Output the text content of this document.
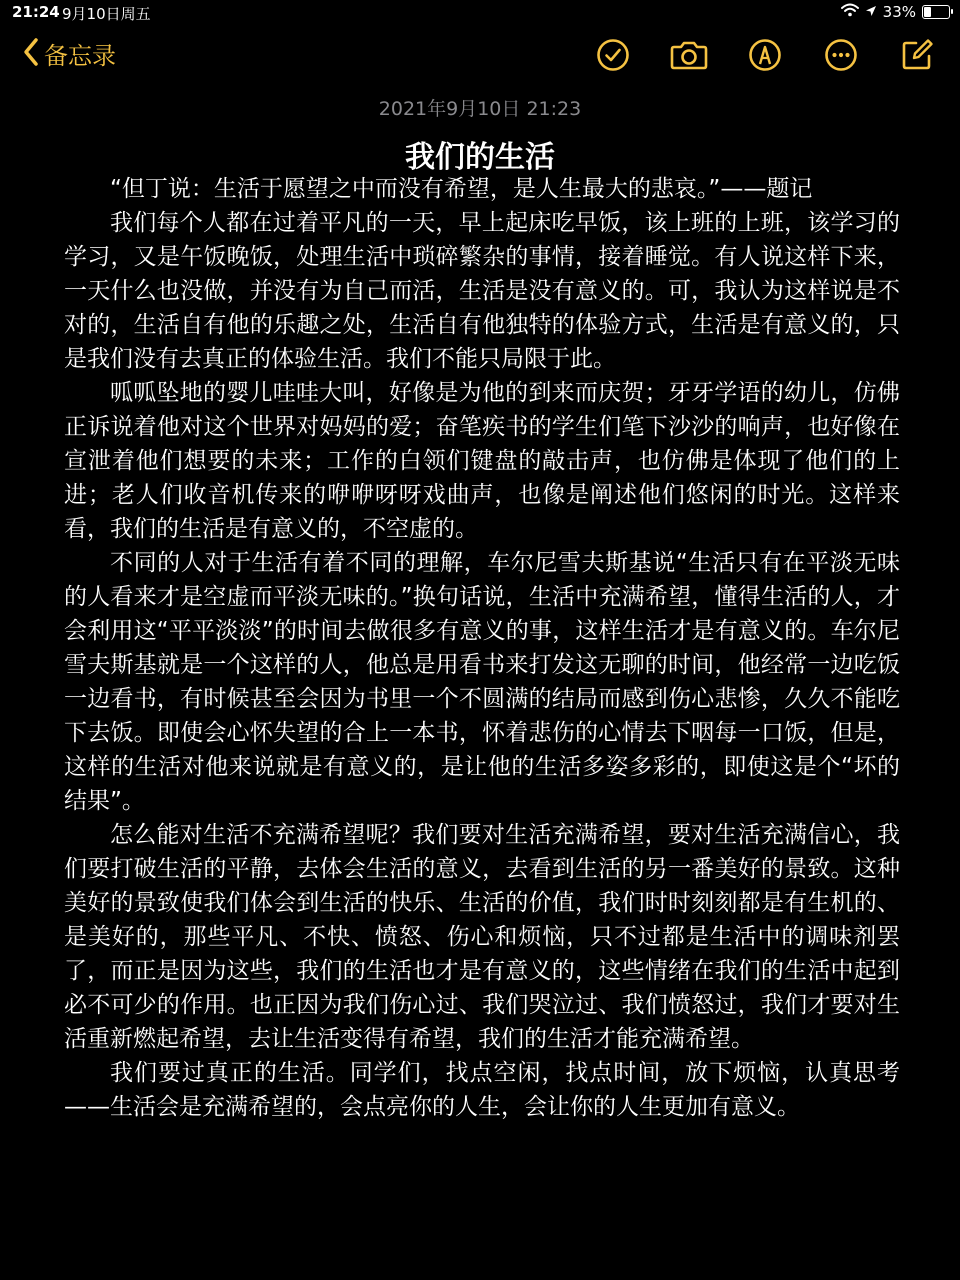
21:24 9月10日周五	33%
备忘录
2021年9月10日 21:23
我们的生活

“但丁说：生活于愿望之中而没有希望，是人生最大的悲哀。”——题记

我们每个人都在过着平凡的一天，早上起床吃早饭，该上班的上班，该学习的学习，又是午饭晚饭，处理生活中琐碎繁杂的事情，接着睡觉。有人说这样下来，一天什么也没做，并没有为自己而活，生活是没有意义的。可，我认为这样说是不对的，生活自有他的乐趣之处，生活自有他独特的体验方式，生活是有意义的，只是我们没有去真正的体验生活。我们不能只局限于此。

呱呱坠地的婴儿哇哇大叫，好像是为他的到来而庆贺；牙牙学语的幼儿，仿佛正诉说着他对这个世界对妈妈的爱；奋笔疾书的学生们笔下沙沙的响声，也好像在宣泄着他们想要的未来；工作的白领们键盘的敲击声，也仿佛是体现了他们的上进；老人们收音机传来的咿咿呀呀戏曲声，也像是阐述他们悠闲的时光。这样来看，我们的生活是有意义的，不空虚的。

不同的人对于生活有着不同的理解，车尔尼雪夫斯基说“生活只有在平淡无味的人看来才是空虚而平淡无味的。”换句话说，生活中充满希望，懂得生活的人，才会利用这“平平淡淡”的时间去做很多有意义的事，这样生活才是有意义的。车尔尼雪夫斯基就是一个这样的人，他总是用看书来打发这无聊的时间，他经常一边吃饭一边看书，有时候甚至会因为书里一个不圆满的结局而感到伤心悲惨，久久不能吃下去饭。即使会心怀失望的合上一本书，怀着悲伤的心情去下咽每一口饭，但是，这样的生活对他来说就是有意义的，是让他的生活多姿多彩的，即使这是个“坏的结果”。

怎么能对生活不充满希望呢？我们要对生活充满希望，要对生活充满信心，我们要打破生活的平静，去体会生活的意义，去看到生活的另一番美好的景致。这种美好的景致使我们体会到生活的快乐、生活的价值，我们时时刻刻都是有生机的、是美好的，那些平凡、不快、愤怒、伤心和烦恼，只不过都是生活中的调味剂罢了，而正是因为这些，我们的生活也才是有意义的，这些情绪在我们的生活中起到必不可少的作用。也正因为我们伤心过、我们哭泣过、我们愤怒过，我们才要对生活重新燃起希望，去让生活变得有希望，我们的生活才能充满希望。

我们要过真正的生活。同学们，找点空闲，找点时间，放下烦恼，认真思考——生活会是充满希望的，会点亮你的人生，会让你的人生更加有意义。
